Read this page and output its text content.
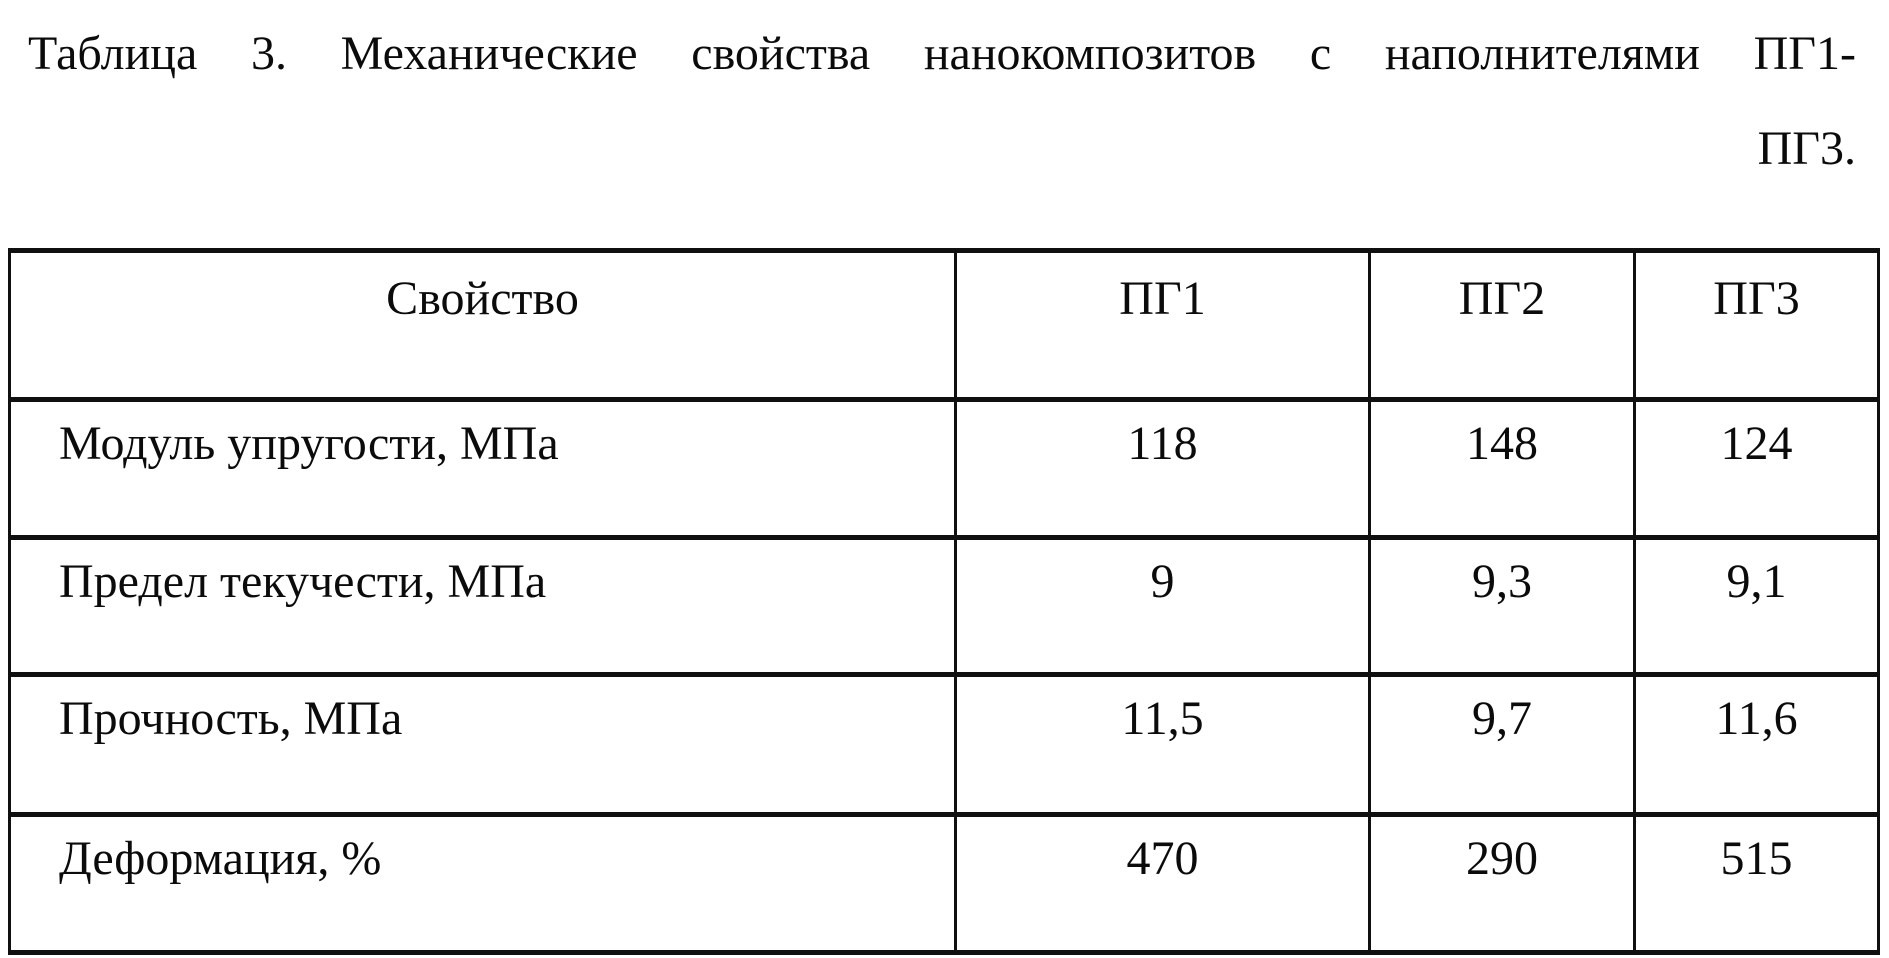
Таблица 3. Механические свойства нанокомпозитов с наполнителями ПГ1-
ПГ3.
Свойство	ПГ1	ПГ2	ПГ3
Модуль упругости, МПа	118	148	124
Предел текучести, МПа	9	9,3	9,1
Прочность, МПа	11,5	9,7	11,6
Деформация, %	470	290	515
